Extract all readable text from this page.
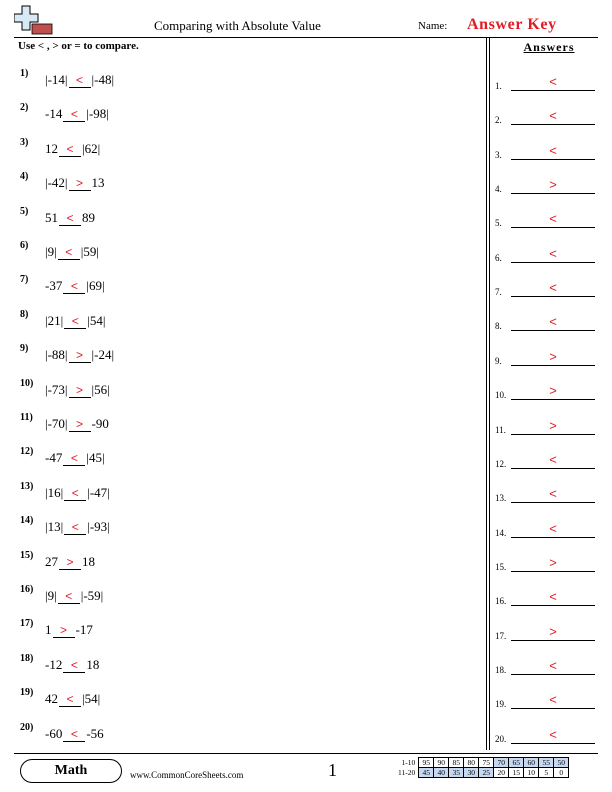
Comparing with Absolute Value	Name: Answer Key
Use < , > or = to compare.
1) |-14| < |-48|
2) -14 < |-98|
3) 12 < |62|
4) |-42| > 13
5) 51 < 89
6) |9| < |59|
7) -37 < |69|
8) |21| < |54|
9) |-88| > |-24|
10) |-73| > |56|
11) |-70| > -90
12) -47 < |45|
13) |16| < |-47|
14) |13| < |-93|
15) 27 > 18
16) |9| < |-59|
17) 1 > -17
18) -12 < 18
19) 42 < |54|
20) -60 < -56
Answers
1.	<
2.	<
3.	<
4.	>
5.	<
6.	<
7.	<
8.	<
9.	>
10.	>
11.	>
12.	<
13.	<
14.	<
15.	>
16.	<
17.	>
18.	<
19.	<
20.	<
Math	www.CommonCoreSheets.com	1	1-10	95	90	85	80	75	70	65	60	55	50
11-20	45	40	35	30	25	20	15	10	5	0
